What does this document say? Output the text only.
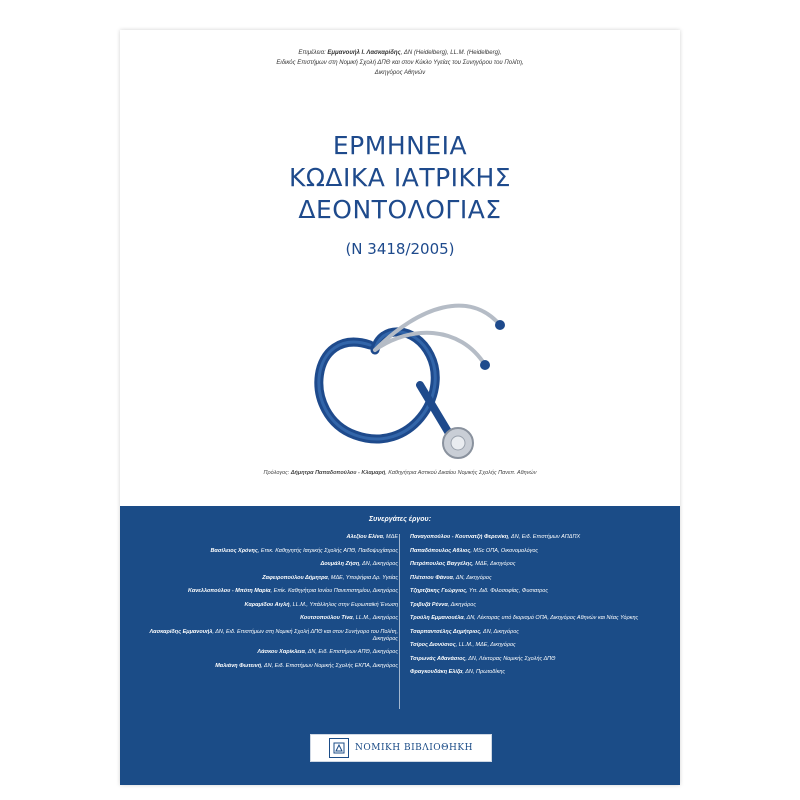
Επιμέλεια: Εμμανουήλ Ι. Λασκαρίδης, ΔΝ (Heidelberg), LL.M. (Heidelberg),
Ειδικός Επιστήμων στη Νομική Σχολή ΔΠΘ και στον Κύκλο Υγείας του Συνηγόρου του Πολίτη,
Δικηγόρος Αθηνών
ΕΡΜΗΝΕΙΑ
ΚΩΔΙΚΑ ΙΑΤΡΙΚΗΣ
ΔΕΟΝΤΟΛΟΓΙΑΣ
(Ν 3418/2005)
Πρόλογος: Δήμητρα Παπαδοπούλου - Κλαμαρή, Καθηγήτρια Αστικού Δικαίου Νομικής Σχολής Πανεπ. Αθηνών
Συνεργάτες έργου:
Αλεξίου Ελίνα, ΜΔΕ
Βασίλειος Χρόνης, Επικ. Καθηγητής Ιατρικής Σχολής ΑΠΘ, Παιδοψυχίατρος
Δουμάλη Ζήση, ΔΝ, Δικηγόρος
Ζαφειροπούλου Δήμητρα, ΜΔΕ, Υποψήφια Δρ. Υγείας
Κανελλοπούλου - Μπότη Μαρία, Επίκ. Καθηγήτρια Ιονίου Πανεπιστημίου, Δικηγόρος
Καραμίδου Αιγλή, LL.M., Υπάλληλος στην Ευρωπαϊκή Ένωση
Κουτσοπούλου Τίνα, LL.M., Δικηγόρος
Λασκαρίδης Εμμανουήλ, ΔΝ, Ειδ. Επιστήμων στη Νομική Σχολή ΔΠΘ και στον Συνήγορο του Πολίτη, Δικηγόρος
Λάσκου Χαρίκλεια, ΔΝ, Ειδ. Επιστήμων ΑΠΘ, Δικηγόρος
Μαλιάνη Φωτεινή, ΔΝ, Ειδ. Επιστήμων Νομικής Σχολής ΕΚΠΑ, Δικηγόρος
Παναγοπούλου - Κουτνατζή Φερενίκη, ΔΝ, Ειδ. Επιστήμων ΑΠΔΠΧ
Παπαδόπουλος Αθλιος, MSc ΟΠΑ, Οικονομολόγος
Πετρόπουλος Βαγγέλης, ΜΔΕ, Δικηγόρος
Πλέτσιου Φάνυα, ΔΝ, Δικηγόρος
Τζηρτζάκης Γεώργιος, Υπ. Διδ. Φιλοσοφίας, Φυσιατρος
Τριβυζά Ρέννα, Δικηγόρος
Τρούλη Εμμανουέλα, ΔΝ, Λέκτορας υπό διορισμό ΟΠΑ, Δικηγόρος Αθηνών και Νέας Υόρκης
Τσαρπαντσέλης Δημήτριος, ΔΝ, Δικηγόρος
Τσίρος Διονύσιος, LL.M., ΜΔΕ, Δικηγόρος
Τσιρωνάς Αθανάσιος, ΔΝ, Λέκτορας Νομικής Σχολής ΔΠΘ
Φραγκουδάκη Ελίζα, ΔΝ, Πρωτοδίκης
ΝΟΜΙΚΗ ΒΙΒΛΙΟΘΗΚΗ
